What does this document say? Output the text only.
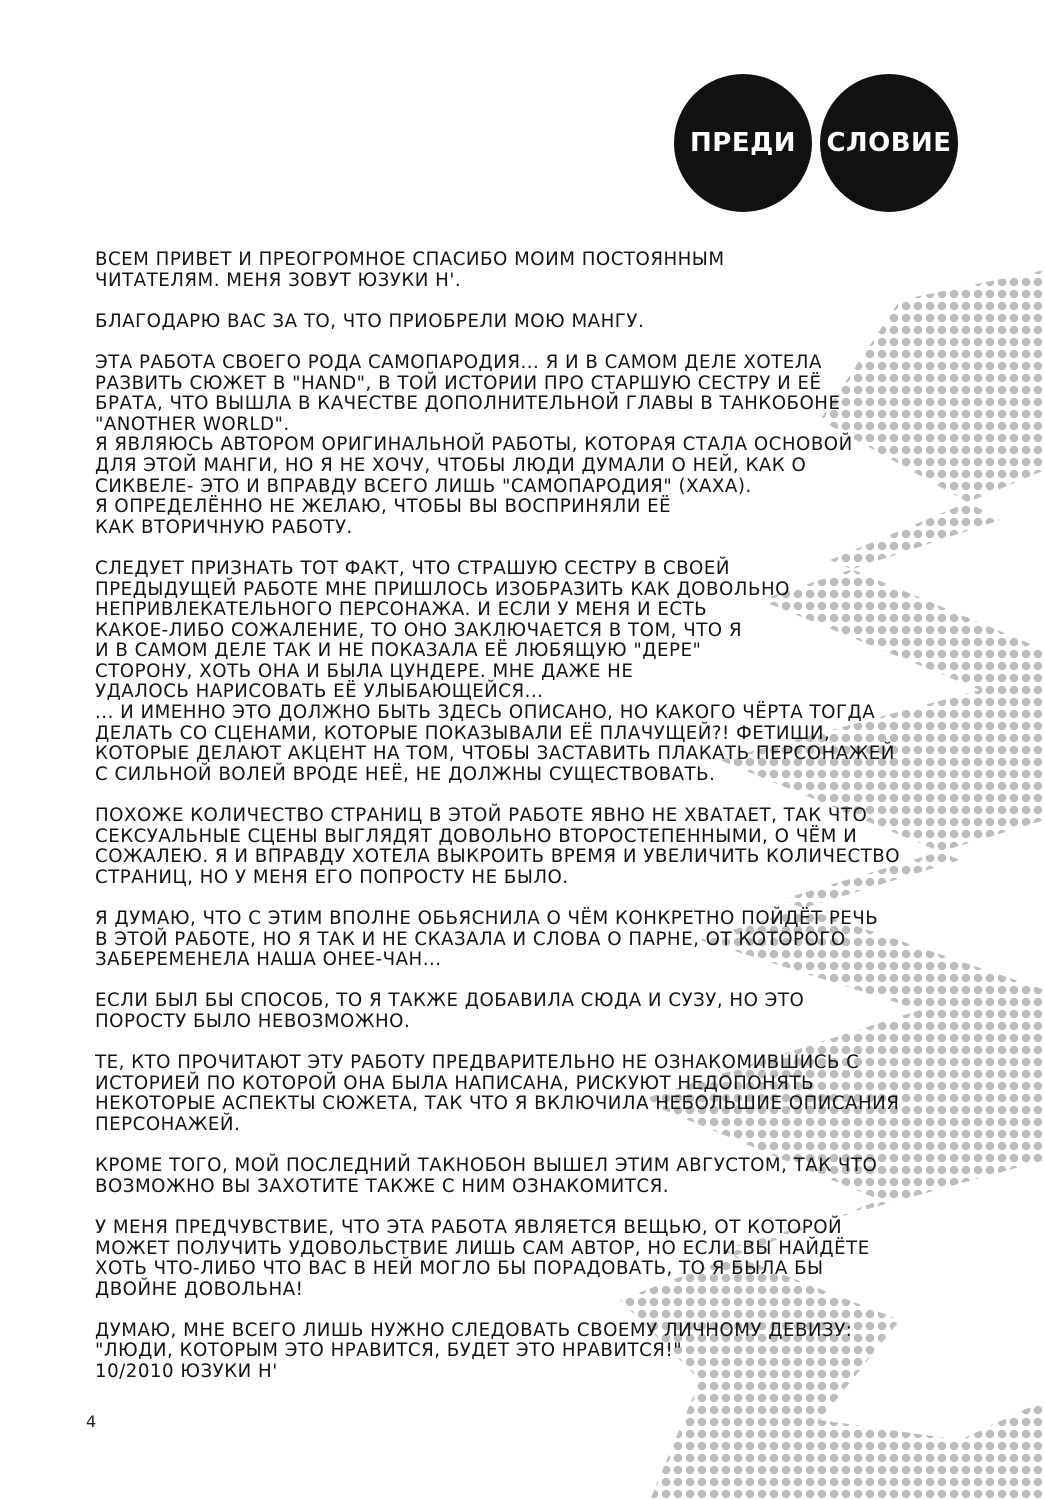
ПРЕДИ СЛОВИЕ
ВСЕМ ПРИВЕТ И ПРЕОГРОМНОЕ СПАСИБО МОИМ ПОСТОЯННЫМ
ЧИТАТЕЛЯМ. МЕНЯ ЗОВУТ ЮЗУКИ Н'.
БЛАГОДАРЮ ВАС ЗА ТО, ЧТО ПРИОБРЕЛИ МОЮ МАНГУ.
ЭТА РАБОТА СВОЕГО РОДА САМОПАРОДИЯ... Я И В САМОМ ДЕЛЕ ХОТЕЛА
РАЗВИТЬ СЮЖЕТ В "HAND", В ТОЙ ИСТОРИИ ПРО СТАРШУЮ СЕСТРУ И ЕЁ
БРАТА, ЧТО ВЫШЛА В КАЧЕСТВЕ ДОПОЛНИТЕЛЬНОЙ ГЛАВЫ В ТАНКОБОНЕ
"ANOTHER WORLD".
Я ЯВЛЯЮСЬ АВТОРОМ ОРИГИНАЛЬНОЙ РАБОТЫ, КОТОРАЯ СТАЛА ОСНОВОЙ
ДЛЯ ЭТОЙ МАНГИ, НО Я НЕ ХОЧУ, ЧТОБЫ ЛЮДИ ДУМАЛИ О НЕЙ, КАК О
СИКВЕЛЕ- ЭТО И ВПРАВДУ ВСЕГО ЛИШЬ "САМОПАРОДИЯ" (ХАХА).
Я ОПРЕДЕЛЁННО НЕ ЖЕЛАЮ, ЧТОБЫ ВЫ ВОСПРИНЯЛИ ЕЁ
КАК ВТОРИЧНУЮ РАБОТУ.
СЛЕДУЕТ ПРИЗНАТЬ ТОТ ФАКТ, ЧТО СТРАШУЮ СЕСТРУ В СВОЕЙ
ПРЕДЫДУЩЕЙ РАБОТЕ МНЕ ПРИШЛОСЬ ИЗОБРАЗИТЬ КАК ДОВОЛЬНО
НЕПРИВЛЕКАТЕЛЬНОГО ПЕРСОНАЖА. И ЕСЛИ У МЕНЯ И ЕСТЬ
КАКОЕ-ЛИБО СОЖАЛЕНИЕ, ТО ОНО ЗАКЛЮЧАЕТСЯ В ТОМ, ЧТО Я
И В САМОМ ДЕЛЕ ТАК И НЕ ПОКАЗАЛА ЕЁ ЛЮБЯЩУЮ "ДЕРЕ"
СТОРОНУ, ХОТЬ ОНА И БЫЛА ЦУНДЕРЕ. МНЕ ДАЖЕ НЕ
УДАЛОСЬ НАРИСОВАТЬ ЕЁ УЛЫБАЮЩЕЙСЯ...
... И ИМЕННО ЭТО ДОЛЖНО БЫТЬ ЗДЕСЬ ОПИСАНО, НО КАКОГО ЧЁРТА ТОГДА
ДЕЛАТЬ СО СЦЕНАМИ, КОТОРЫЕ ПОКАЗЫВАЛИ ЕЁ ПЛАЧУЩЕЙ?! ФЕТИШИ,
КОТОРЫЕ ДЕЛАЮТ АКЦЕНТ НА ТОМ, ЧТОБЫ ЗАСТАВИТЬ ПЛАКАТЬ ПЕРСОНАЖЕЙ
С СИЛЬНОЙ ВОЛЕЙ ВРОДЕ НЕЁ, НЕ ДОЛЖНЫ СУЩЕСТВОВАТЬ.
ПОХОЖЕ КОЛИЧЕСТВО СТРАНИЦ В ЭТОЙ РАБОТЕ ЯВНО НЕ ХВАТАЕТ, ТАК ЧТО
СЕКСУАЛЬНЫЕ СЦЕНЫ ВЫГЛЯДЯТ ДОВОЛЬНО ВТОРОСТЕПЕННЫМИ, О ЧЁМ И
СОЖАЛЕЮ. Я И ВПРАВДУ ХОТЕЛА ВЫКРОИТЬ ВРЕМЯ И УВЕЛИЧИТЬ КОЛИЧЕСТВО
СТРАНИЦ, НО У МЕНЯ ЕГО ПОПРОСТУ НЕ БЫЛО.
Я ДУМАЮ, ЧТО С ЭТИМ ВПОЛНЕ ОБЬЯСНИЛА О ЧЁМ КОНКРЕТНО ПОЙДЁТ РЕЧЬ
В ЭТОЙ РАБОТЕ, НО Я ТАК И НЕ СКАЗАЛА И СЛОВА О ПАРНЕ, ОТ КОТОРОГО
ЗАБЕРЕМЕНЕЛА НАША ОНЕЕ-ЧАН...
ЕСЛИ БЫЛ БЫ СПОСОБ, ТО Я ТАКЖЕ ДОБАВИЛА СЮДА И СУЗУ, НО ЭТО
ПОРОСТУ БЫЛО НЕВОЗМОЖНО.
ТЕ, КТО ПРОЧИТАЮТ ЭТУ РАБОТУ ПРЕДВАРИТЕЛЬНО НЕ ОЗНАКОМИВШИСЬ С
ИСТОРИЕЙ ПО КОТОРОЙ ОНА БЫЛА НАПИСАНА, РИСКУЮТ НЕДОПОНЯТЬ
НЕКОТОРЫЕ АСПЕКТЫ СЮЖЕТА, ТАК ЧТО Я ВКЛЮЧИЛА НЕБОЛЬШИЕ ОПИСАНИЯ
ПЕРСОНАЖЕЙ.
КРОМЕ ТОГО, МОЙ ПОСЛЕДНИЙ ТАКНОБОН ВЫШЕЛ ЭТИМ АВГУСТОМ, ТАК ЧТО
ВОЗМОЖНО ВЫ ЗАХОТИТЕ ТАКЖЕ С НИМ ОЗНАКОМИТСЯ.
У МЕНЯ ПРЕДЧУВСТВИЕ, ЧТО ЭТА РАБОТА ЯВЛЯЕТСЯ ВЕЩЬЮ, ОТ КОТОРОЙ
МОЖЕТ ПОЛУЧИТЬ УДОВОЛЬСТВИЕ ЛИШЬ САМ АВТОР, НО ЕСЛИ ВЫ НАЙДЁТЕ
ХОТЬ ЧТО-ЛИБО ЧТО ВАС В НЕЙ МОГЛО БЫ ПОРАДОВАТЬ, ТО Я БЫЛА БЫ
ДВОЙНЕ ДОВОЛЬНА!
ДУМАЮ, МНЕ ВСЕГО ЛИШЬ НУЖНО СЛЕДОВАТЬ СВОЕМУ ЛИЧНОМУ ДЕВИЗУ:
"ЛЮДИ, КОТОРЫМ ЭТО НРАВИТСЯ, БУДЕТ ЭТО НРАВИТСЯ!"
10/2010 ЮЗУКИ Н'
4
